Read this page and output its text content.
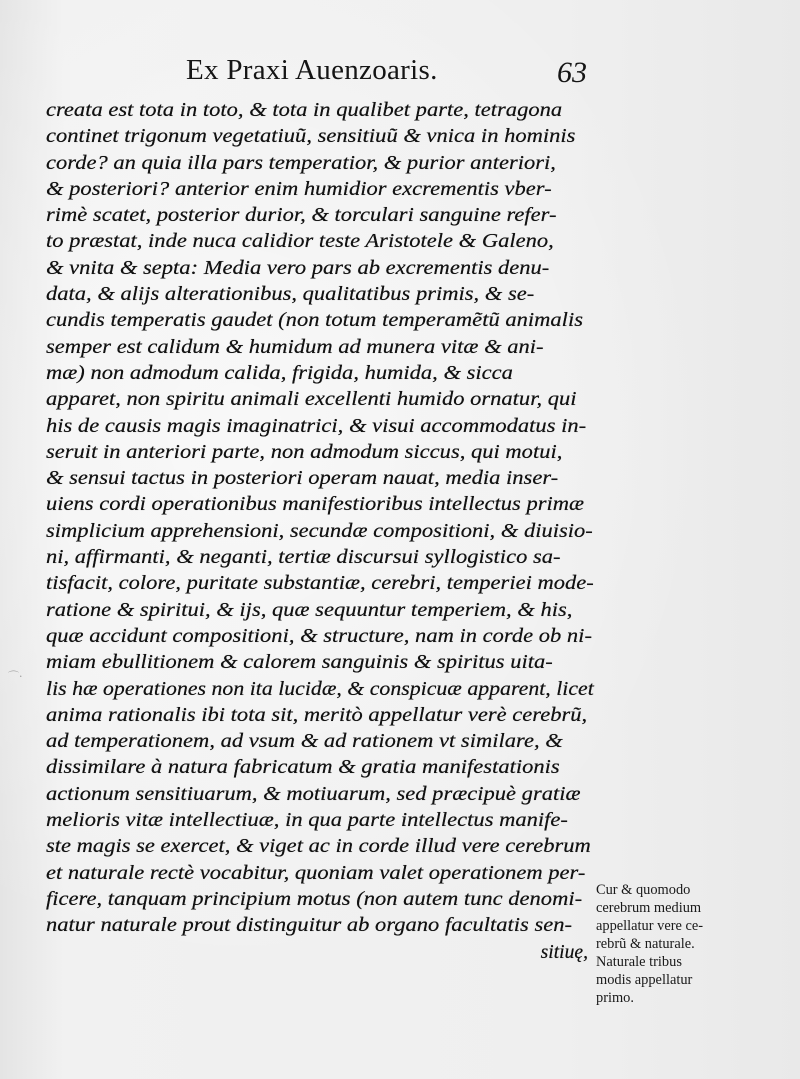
⌒·
Ex Praxi Auenzoaris.	63
creata est tota in toto, & tota in qualibet parte, tetragona
continet trigonum vegetatiuũ, sensitiuũ & vnica in hominis
corde? an quia illa pars temperatior, & purior anteriori,
& posteriori? anterior enim humidior excrementis vber-
rimè scatet, posterior durior, & torculari sanguine refer-
to præstat, inde nuca calidior teste Aristotele & Galeno,
& vnita & septa: Media vero pars ab excrementis denu-
data, & alijs alterationibus, qualitatibus primis, & se-
cundis temperatis gaudet (non totum temperamẽtũ animalis
semper est calidum & humidum ad munera vitæ & ani-
mæ) non admodum calida, frigida, humida, & sicca
apparet, non spiritu animali excellenti humido ornatur, qui
his de causis magis imaginatrici, & visui accommodatus in-
seruit in anteriori parte, non admodum siccus, qui motui,
& sensui tactus in posteriori operam nauat, media inser-
uiens cordi operationibus manifestioribus intellectus primæ
simplicium apprehensioni, secundæ compositioni, & diuisio-
ni, affirmanti, & neganti, tertiæ discursui syllogistico sa-
tisfacit, colore, puritate substantiæ, cerebri, temperiei mode-
ratione & spiritui, & ijs, quæ sequuntur temperiem, & his,
quæ accidunt compositioni, & structure, nam in corde ob ni-
miam ebullitionem & calorem sanguinis & spiritus uita-
lis hæ operationes non ita lucidæ, & conspicuæ apparent, licet
anima rationalis ibi tota sit, meritò appellatur verè cerebrũ,
ad temperationem, ad vsum & ad rationem vt similare, &
dissimilare à natura fabricatum & gratia manifestationis
actionum sensitiuarum, & motiuarum, sed præcipuè gratiæ
melioris vitæ intellectiuæ, in qua parte intellectus manife-
ste magis se exercet, & viget ac in corde illud vere cerebrum
et naturale rectè vocabitur, quoniam valet operationem per-
ficere, tanquam principium motus (non autem tunc denomi-
natur naturale prout distinguitur ab organo facultatis sen-
sitiuę,
Cur & quomodo
cerebrum medium
appellatur vere ce-
rebrũ & naturale.
Naturale tribus
modis appellatur
primo.
